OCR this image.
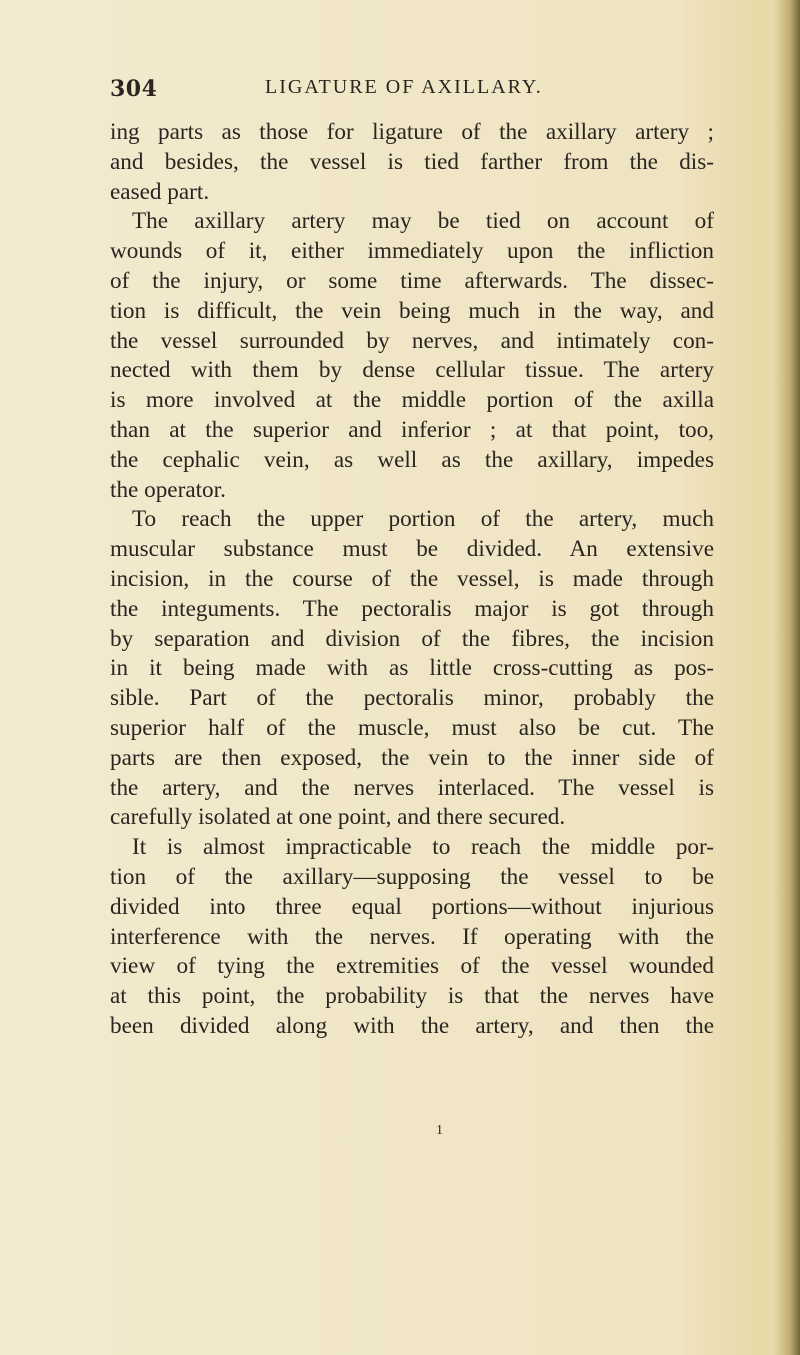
304	LIGATURE OF AXILLARY.
ing parts as those for ligature of the axillary artery ;
and besides, the vessel is tied farther from the dis-
eased part.
The axillary artery may be tied on account of
wounds of it, either immediately upon the infliction
of the injury, or some time afterwards. The dissec-
tion is difficult, the vein being much in the way, and
the vessel surrounded by nerves, and intimately con-
nected with them by dense cellular tissue. The artery
is more involved at the middle portion of the axilla
than at the superior and inferior ; at that point, too,
the cephalic vein, as well as the axillary, impedes
the operator.
To reach the upper portion of the artery, much
muscular substance must be divided. An extensive
incision, in the course of the vessel, is made through
the integuments. The pectoralis major is got through
by separation and division of the fibres, the incision
in it being made with as little cross-cutting as pos-
sible. Part of the pectoralis minor, probably the
superior half of the muscle, must also be cut. The
parts are then exposed, the vein to the inner side of
the artery, and the nerves interlaced. The vessel is
carefully isolated at one point, and there secured.
It is almost impracticable to reach the middle por-
tion of the axillary—supposing the vessel to be
divided into three equal portions—without injurious
interference with the nerves. If operating with the
view of tying the extremities of the vessel wounded
at this point, the probability is that the nerves have
been divided along with the artery, and then the
1
